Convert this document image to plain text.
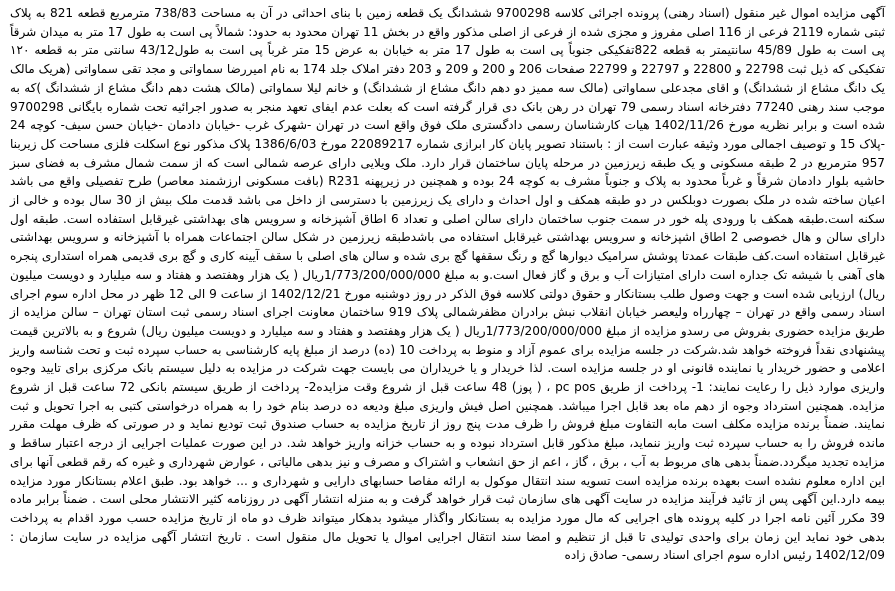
آگهی مزایده اموال غیر منقول (اسناد رهنی) پرونده اجرائی کلاسه 9700298 ششدانگ یک قطعه زمین با بنای احداثی در آن به مساحت 738/83 مترمربع قطعه 821 به پلاک ثبتی شماره 2119 فرعی از 116 اصلی مفروز و مجزی شده از فرعی از اصلی مذکور واقع در بخش 11 تهران محدود به حدود: شمالاً پی است به طول 17 متر به میدان شرقاً پی است به طول 45/89 سانتیمتر به قطعه 822تفکیکی جنوباً پی است به طول 17 متر به خیابان به عرض 15 متر غرباً پی است به طول43/12 سانتی متر به قطعه ۱۲۰ تفکیکی که ذیل ثبت 22798 و 22800 و 22797 و 22799 صفحات 206 و 200 و 209 و 203 دفتر املاک جلد 174 به نام امیررضا سماواتی و مجد تقی سماواتی (هریک مالک یک دانگ مشاع از ششدانگ) و اقای مجدعلی سماواتی (مالک سه ممیز دو دهم دانگ مشاع از ششدانگ) و خانم لیلا سماواتی (مالک هشت دهم دانگ مشاع از ششدانگ )که به موجب سند رهنی 77240 دفترخانه اسناد رسمی 79 تهران در رهن بانک دی قرار گرفته است که بعلت عدم ایفای تعهد منجر به صدور اجرائیه تحت شماره بایگانی 9700298 شده است و برابر نظریه مورخ 1402/11/26 هیات کارشناسان رسمی دادگستری ملک فوق واقع است در تهران -شهرک غرب -خیابان دادمان -خیابان حسن سیف- کوچه 24 -پلاک 15 و توصیف اجمالی مورد وثیقه عبارت است از : باستناد تصویر پایان کار ابرازی شماره 22089217 مورخ 1386/6/03 پلاک مذکور نوع اسکلت فلزی مساحت کل زیربنا 957 مترمربع در 2 طبقه مسکونی و یک طبقه زیرزمین در مرحله پایان ساختمان قرار دارد. ملک ویلایی دارای عرصه شمالی است که از سمت شمال مشرف به فضای سبز حاشیه بلوار دادمان شرقاً و غرباً محدود به پلاک و جنوباً مشرف به کوچه 24 بوده و همچنین در زیرپهنه R231 (بافت مسکونی ارزشمند معاصر) طرح تفصیلی واقع می باشد اعیان ساخته شده در ملک بصورت دوبلکس در دو طبقه همکف و اول احداث و دارای یک زیرزمین با دسترسی از داخل می باشد قدمت ملک بیش از 30 سال بوده و خالی از سکنه است.طبقه همکف با ورودی پله خور در سمت جنوب ساختمان دارای سالن اصلی و تعداد 6 اطاق آشپزخانه و سرویس های بهداشتی غیرقابل استفاده است. طبقه اول دارای سالن و هال خصوصی 2 اطاق اشپزخانه و سرویس بهداشتی غیرقابل استفاده می باشدطبقه زیرزمین در شکل سالن اجتماعات همراه با آشپزخانه و سرویس بهداشتی غیرقابل استفاده است.کف طبقات عمدتا پوشش سرامیک دیوارها گچ و رنگ سقفها گچ بری شده و سالن های اصلی با سقف آیینه کاری و گچ بری قدیمی همراه استداری پنجره های آهنی با شیشه تک جداره است دارای امتیازات آب و برق و گاز فعال است.و به مبلغ 1/773/200/000/000ریال ( یک هزار وهفتصد و هفتاد و سه میلیارد و دویست میلیون ریال) ارزیابی شده است و جهت وصول طلب بستانکار و حقوق دولتی کلاسه فوق الذکر در روز دوشنبه مورخ 1402/12/21 از ساعت 9 الی 12 ظهر در محل اداره سوم اجرای اسناد رسمی واقع در تهران – چهارراه ولیعصر خیابان انقلاب نبش برادران مظفرشمالی پلاک 919 ساختمان معاونت اجرای اسناد رسمی ثبت استان تهران – سالن مزایده از طریق مزایده حضوری بفروش می رسدو مزایده از مبلغ 1/773/200/000/000ریال ( یک هزار وهفتصد و هفتاد و سه میلیارد و دویست میلیون ریال) شروع و به بالاترین قیمت پیشنهادی نقداً فروخته خواهد شد.شرکت در جلسه مزایده برای عموم آزاد و منوط به پرداخت 10 (ده) درصد از مبلغ پایه کارشناسی به حساب سپرده ثبت و تحت شناسه واریز اعلامی و حضور خریدار یا نماینده قانونی او در جلسه مزایده است. لذا خریدار و یا خریداران می بایست جهت شرکت در مزایده به دلیل سیستم بانک مرکزی برای تایید وجوه واریزی موارد ذیل را رعایت نمایند: 1- پرداخت از طریق pc pos ، ( پوز) 48 ساعت قبل از شروع وقت مزایده2- پرداخت از طریق سیستم بانکی 72 ساعت قبل از شروع مزایده. همچنین استرداد وجوه از دهم ماه بعد قابل اجرا میباشد. همچنین اصل فیش واریزی مبلغ ودیعه ده درصد بنام خود را به همراه درخواستی کتبی به اجرا تحویل و ثبت نمایند. ضمناً برنده مزایده مکلف است مابه التفاوت مبلغ فروش را ظرف مدت پنج روز از تاریخ مزایده به حساب صندوق ثبت تودیع نماید و در صورتی که ظرف مهلت مقرر مانده فروش را به حساب سپرده ثبت واریز ننماید، مبلغ مذکور قابل استرداد نبوده و به حساب خزانه واریز خواهد شد. در این صورت عملیات اجرایی از درجه اعتبار ساقط و مزایده تجدید میگردد.ضمناً بدهی های مربوط به آب ، برق ، گاز ، اعم از حق انشعاب و اشتراک و مصرف و نیز بدهی مالیاتی ، عوارض شهرداری و غیره که رقم قطعی آنها برای این اداره معلوم نشده است بعهده برنده مزایده است تسویه سند انتقال موکول به ارائه مفاصا حسابهای دارایی و شهرداری و ... خواهد بود. طبق اعلام بستانکار مورد مزایده بیمه دارد.این آگهی پس از تائید فرآیند مزایده در سایت آگهی های سازمان ثبت قرار خواهد گرفت و به منزله انتشار آگهی در روزنامه کثیر الانتشار محلی است . ضمناً برابر ماده 39 مکرر آئین نامه اجرا در کلیه پرونده های اجرایی که مال مورد مزایده به بستانکار واگذار میشود بدهکار میتواند ظرف دو ماه از تاریخ مزایده حسب مورد اقدام به پرداخت بدهی خود نماید این زمان برای واحدی تولیدی تا قبل از تنظیم و امضا سند انتقال اجرایی اموال یا تحویل مال منقول است . تاریخ انتشار آگهی مزایده در سایت سازمان : 1402/12/09 رئیس اداره سوم اجرای اسناد رسمی- صادق زاده
